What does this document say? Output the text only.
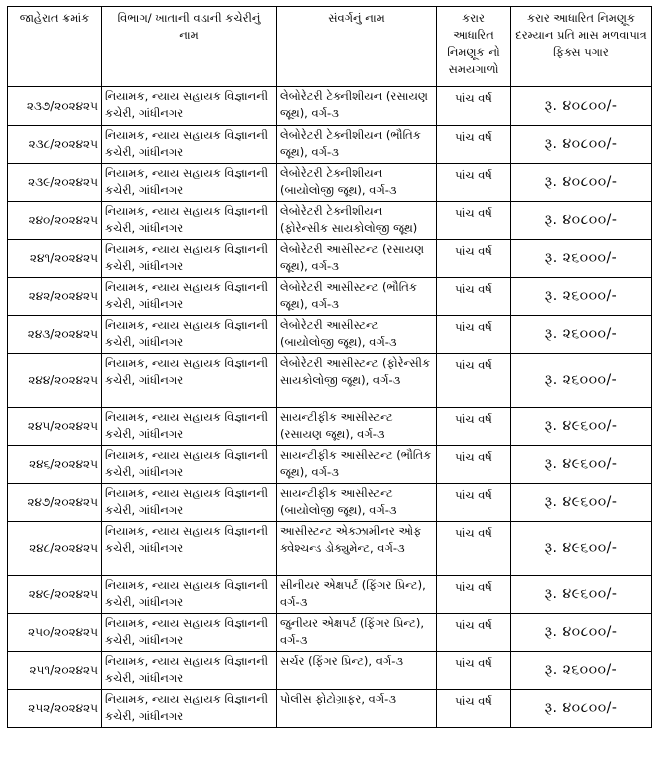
જાહેરાત ક્રમાંક	વિભાગ/ ખાતાની વડાની કચેરીનું નામ	સંવર્ગનું નામ	કરાર આધારિત નિમણૂક નો સમયગાળો	કરાર આધારિત નિમણૂક દરમ્યાન પ્રતિ માસ મળવાપાત્ર ફિક્સ પગાર
૨૩૭/૨૦૨૪૨૫	નિયામક, ન્યાય સહાયક વિજ્ઞાનની કચેરી, ગાંધીનગર	લેબોરેટરી ટેક્નીશીયન (રસાયણ જૂથ), વર્ગ-૩	પાંચ વર્ષ	રૂ. ૪૦૮૦૦/-
૨૩૮/૨૦૨૪૨૫	નિયામક, ન્યાય સહાયક વિજ્ઞાનની કચેરી, ગાંધીનગર	લેબોરેટરી ટેક્નીશીયન (ભૌતિક જૂથ), વર્ગ-૩	પાંચ વર્ષ	રૂ. ૪૦૮૦૦/-
૨૩૯/૨૦૨૪૨૫	નિયામક, ન્યાય સહાયક વિજ્ઞાનની કચેરી, ગાંધીનગર	લેબોરેટરી ટેક્નીશીયન (બાયોલોજી જૂથ), વર્ગ-૩	પાંચ વર્ષ	રૂ. ૪૦૮૦૦/-
૨૪૦/૨૦૨૪૨૫	નિયામક, ન્યાય સહાયક વિજ્ઞાનની કચેરી, ગાંધીનગર	લેબોરેટરી ટેક્નીશીયન (ફોરેન્સીક સાયકોલોજી જૂથ)	પાંચ વર્ષ	રૂ. ૪૦૮૦૦/-
૨૪૧/૨૦૨૪૨૫	નિયામક, ન્યાય સહાયક વિજ્ઞાનની કચેરી, ગાંધીનગર	લેબોરેટરી આસીસ્ટન્ટ (રસાયણ જૂથ), વર્ગ-૩	પાંચ વર્ષ	રૂ. ૨૬૦૦૦/-
૨૪૨/૨૦૨૪૨૫	નિયામક, ન્યાય સહાયક વિજ્ઞાનની કચેરી, ગાંધીનગર	લેબોરેટરી આસીસ્ટન્ટ (ભૌતિક જૂથ), વર્ગ-૩	પાંચ વર્ષ	રૂ. ૨૬૦૦૦/-
૨૪૩/૨૦૨૪૨૫	નિયામક, ન્યાય સહાયક વિજ્ઞાનની કચેરી, ગાંધીનગર	લેબોરેટરી આસીસ્ટન્ટ (બાયોલોજી જૂથ), વર્ગ-૩	પાંચ વર્ષ	રૂ. ૨૬૦૦૦/-
૨૪૪/૨૦૨૪૨૫	નિયામક, ન્યાય સહાયક વિજ્ઞાનની કચેરી, ગાંધીનગર	લેબોરેટરી આસીસ્ટન્ટ (ફોરેન્સીક સાયકોલોજી જૂથ), વર્ગ-૩	પાંચ વર્ષ	રૂ. ૨૬૦૦૦/-
૨૪૫/૨૦૨૪૨૫	નિયામક, ન્યાય સહાયક વિજ્ઞાનની કચેરી, ગાંધીનગર	સાયન્ટીફીક આસીસ્ટન્ટ (રસાયણ જૂથ), વર્ગ-૩	પાંચ વર્ષ	રૂ. ૪૯૬૦૦/-
૨૪૬/૨૦૨૪૨૫	નિયામક, ન્યાય સહાયક વિજ્ઞાનની કચેરી, ગાંધીનગર	સાયન્ટીફીક આસીસ્ટન્ટ (ભૌતિક જૂથ), વર્ગ-૩	પાંચ વર્ષ	રૂ. ૪૯૬૦૦/-
૨૪૭/૨૦૨૪૨૫	નિયામક, ન્યાય સહાયક વિજ્ઞાનની કચેરી, ગાંધીનગર	સાયન્ટીફીક આસીસ્ટન્ટ (બાયોલોજી જૂથ), વર્ગ-૩	પાંચ વર્ષ	રૂ. ૪૯૬૦૦/-
૨૪૮/૨૦૨૪૨૫	નિયામક, ન્યાય સહાયક વિજ્ઞાનની કચેરી, ગાંધીનગર	આસીસ્ટન્ટ એક્ઝામીનર ઓફ ક્વેશ્ચન્ડ ડોક્યુમેન્ટ, વર્ગ-૩	પાંચ વર્ષ	રૂ. ૪૯૬૦૦/-
૨૪૯/૨૦૨૪૨૫	નિયામક, ન્યાય સહાયક વિજ્ઞાનની કચેરી, ગાંધીનગર	સીનીયર એક્ષપર્ટ (ફિંગર પ્રિન્ટ), વર્ગ-૩	પાંચ વર્ષ	રૂ. ૪૯૬૦૦/-
૨૫૦/૨૦૨૪૨૫	નિયામક, ન્યાય સહાયક વિજ્ઞાનની કચેરી, ગાંધીનગર	જુનીયર એક્ષપર્ટ (ફિંગર પ્રિન્ટ), વર્ગ-૩	પાંચ વર્ષ	રૂ. ૪૦૮૦૦/-
૨૫૧/૨૦૨૪૨૫	નિયામક, ન્યાય સહાયક વિજ્ઞાનની કચેરી, ગાંધીનગર	સર્ચર (ફિંગર પ્રિન્ટ), વર્ગ-૩	પાંચ વર્ષ	રૂ. ૨૬૦૦૦/-
૨૫૨/૨૦૨૪૨૫	નિયામક, ન્યાય સહાયક વિજ્ઞાનની કચેરી, ગાંધીનગર	પોલીસ ફોટોગ્રાફર, વર્ગ-૩	પાંચ વર્ષ	રૂ. ૪૦૮૦૦/-
